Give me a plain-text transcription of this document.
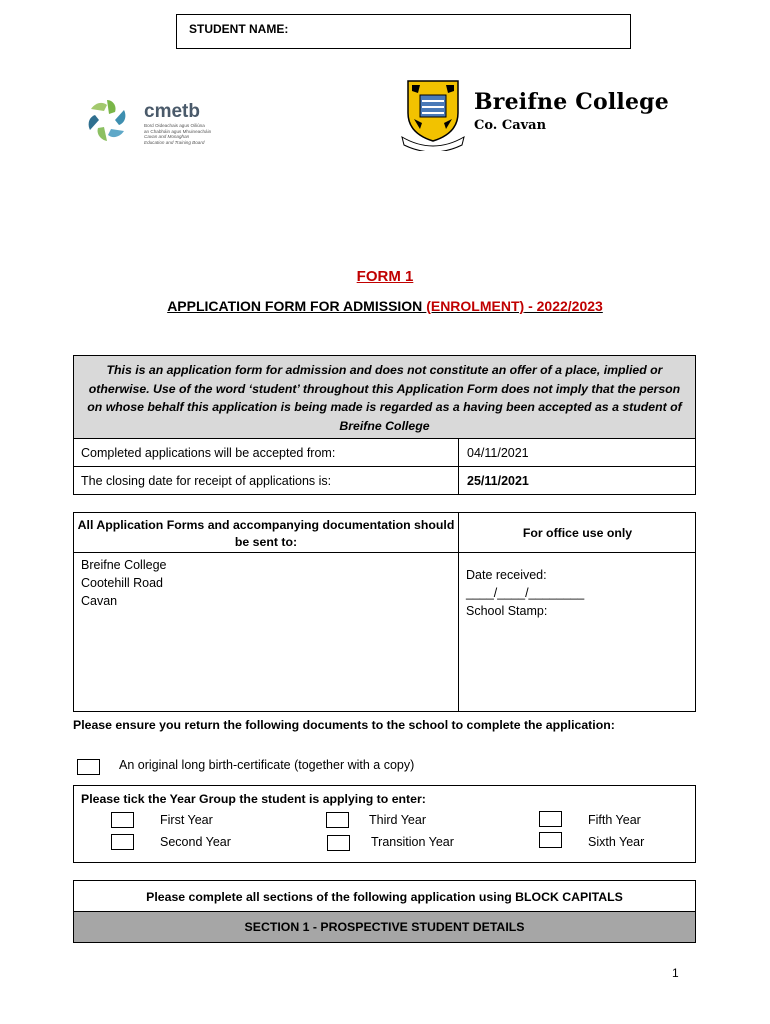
STUDENT NAME:
cmetb
Bord Oideachais agus Oiliúna
an Chabháin agus Mhuineacháin
Cavan and Monaghan
Education and Training Board
Breifne College
Co. Cavan
FORM 1
APPLICATION FORM FOR ADMISSION (ENROLMENT) - 2022/2023
This is an application form for admission and does not constitute an offer of a place, implied or otherwise. Use of the word ‘student’ throughout this Application Form does not imply that the person on whose behalf this application is being made is regarded as a having been accepted as a student of Breifne College
Completed applications will be accepted from:	04/11/2021
The closing date for receipt of applications is:	25/11/2021
All Application Forms and accompanying documentation should be sent to:
For office use only
Breifne College
Cootehill Road
Cavan
Date received:
____/____/________
School Stamp:
Please ensure you return the following documents to the school to complete the application:
An original long birth-certificate (together with a copy)
Please tick the Year Group the student is applying to enter:
First Year
Second Year
Third Year
Transition Year
Fifth Year
Sixth Year
Please complete all sections of the following application using BLOCK CAPITALS
SECTION 1 - PROSPECTIVE STUDENT DETAILS
1
